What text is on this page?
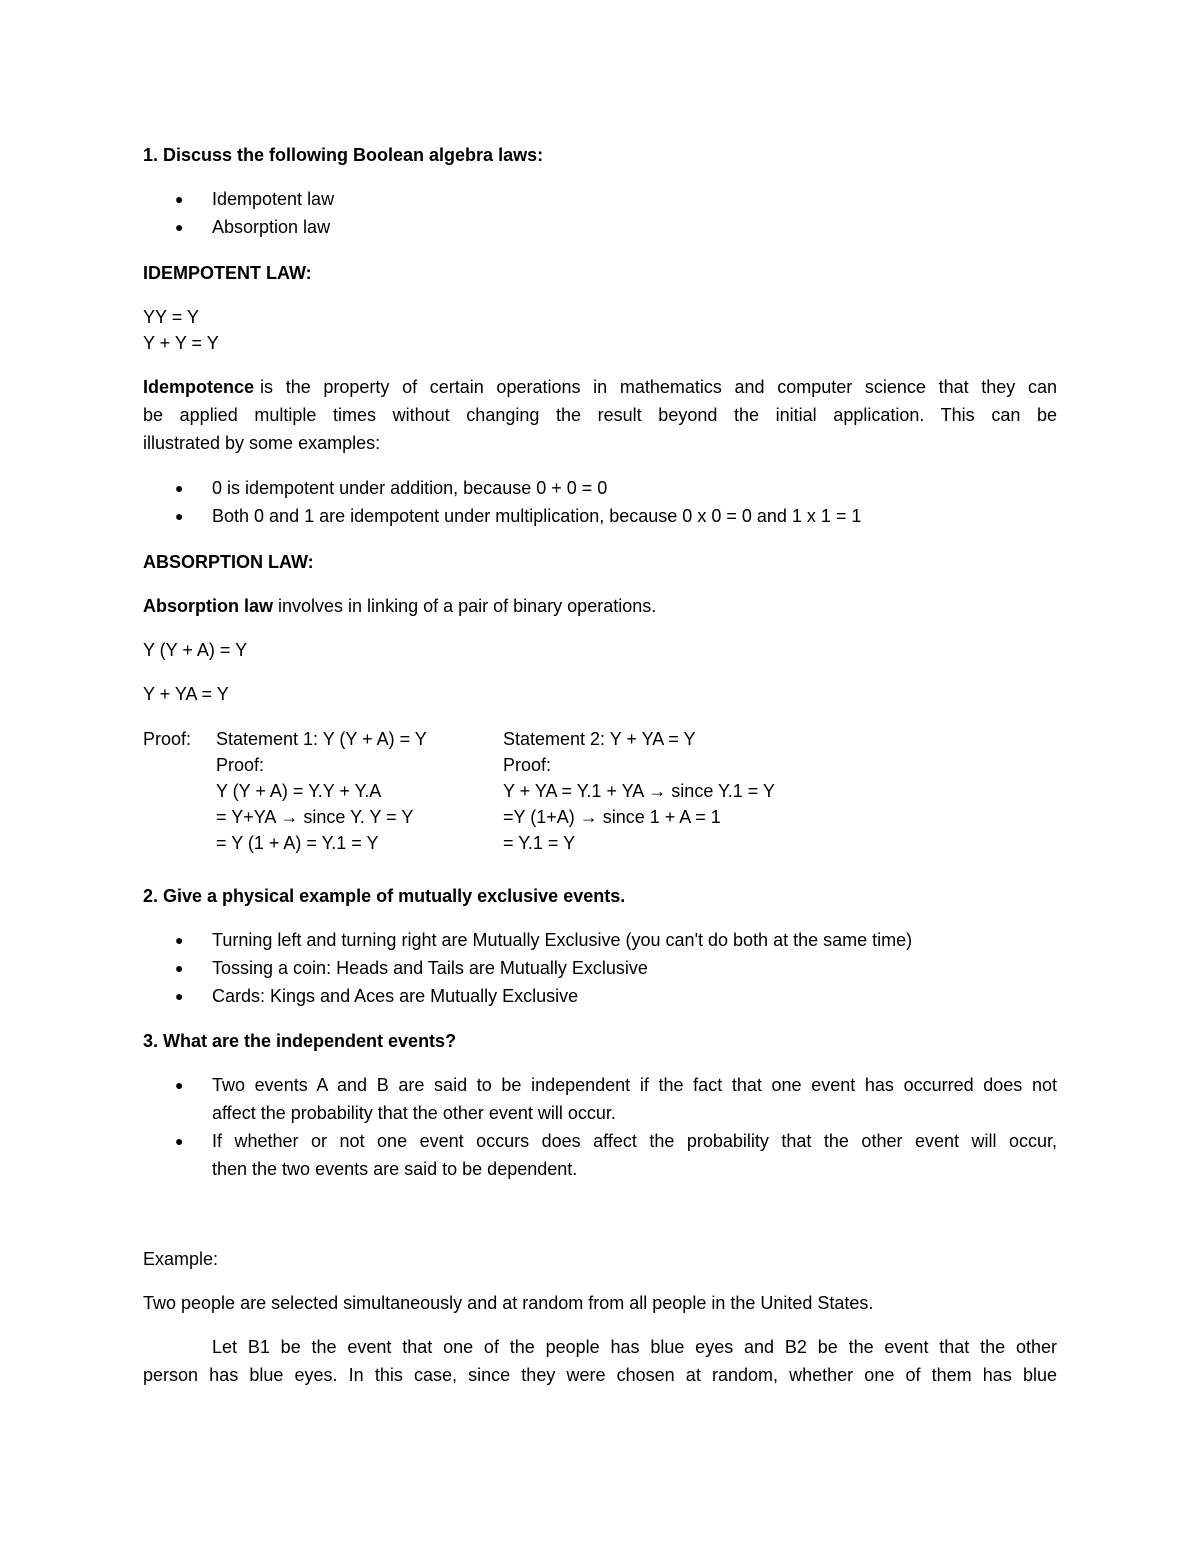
1. Discuss the following Boolean algebra laws:
● Idempotent law
● Absorption law
IDEMPOTENT LAW:
YY = Y
Y + Y = Y
Idempotence is the property of certain operations in mathematics and computer science that they can
be applied multiple times without changing the result beyond the initial application. This can be
illustrated by some examples:
● 0 is idempotent under addition, because 0 + 0 = 0
● Both 0 and 1 are idempotent under multiplication, because 0 x 0 = 0 and 1 x 1 = 1
ABSORPTION LAW:
Absorption law involves in linking of a pair of binary operations.
Y (Y + A) = Y
Y + YA = Y
Proof: Statement 1: Y (Y + A) = Y
Proof:
Y (Y + A) = Y.Y + Y.A
= Y+YA → since Y. Y = Y
= Y (1 + A) = Y.1 = Y
Statement 2: Y + YA = Y
Proof:
Y + YA = Y.1 + YA → since Y.1 = Y
=Y (1+A) → since 1 + A = 1
= Y.1 = Y
2. Give a physical example of mutually exclusive events.
● Turning left and turning right are Mutually Exclusive (you can't do both at the same time)
● Tossing a coin: Heads and Tails are Mutually Exclusive
● Cards: Kings and Aces are Mutually Exclusive
3. What are the independent events?
● Two events A and B are said to be independent if the fact that one event has occurred does not
affect the probability that the other event will occur.
● If whether or not one event occurs does affect the probability that the other event will occur,
then the two events are said to be dependent.
Example:
Two people are selected simultaneously and at random from all people in the United States.
Let B1 be the event that one of the people has blue eyes and B2 be the event that the other
person has blue eyes. In this case, since they were chosen at random, whether one of them has blue
